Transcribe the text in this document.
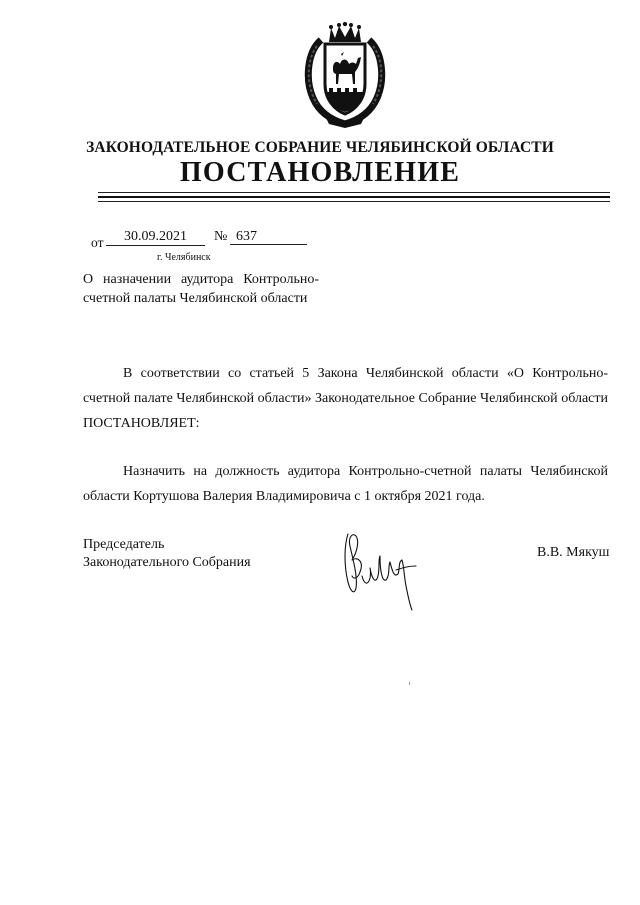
ЗАКОНОДАТЕЛЬНОЕ СОБРАНИЕ ЧЕЛЯБИНСКОЙ ОБЛАСТИ
ПОСТАНОВЛЕНИЕ
от	30.09.2021	№ 637
г. Челябинск
О назначении аудитора Контрольно-счетной палаты Челябинской области
В соответствии со статьей 5 Закона Челябинской области «О Контрольно-счетной палате Челябинской области» Законодательное Собрание Челябинской области ПОСТАНОВЛЯЕТ:
Назначить на должность аудитора Контрольно-счетной палаты Челябинской области Кортушова Валерия Владимировича с 1 октября 2021 года.
Председатель
Законодательного Собрания
В.В. Мякуш
